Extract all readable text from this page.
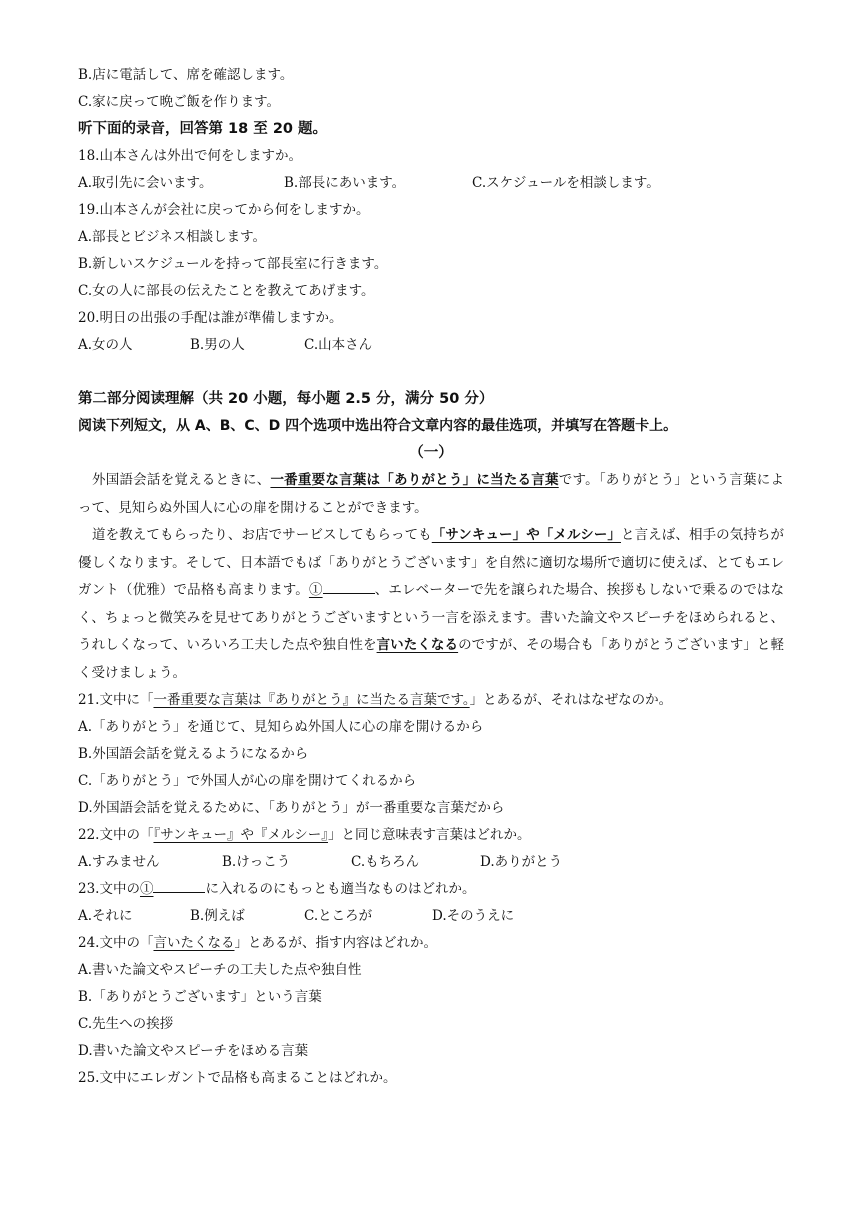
B.店に電話して、席を確認します。
C.家に戻って晩ご飯を作ります。
听下面的录音，回答第 18 至 20 题。
18.山本さんは外出で何をしますか。
A.取引先に会います。	B.部長にあいます。	C.スケジュールを相談します。
19.山本さんが会社に戻ってから何をしますか。
A.部長とビジネス相談します。
B.新しいスケジュールを持って部長室に行きます。
C.女の人に部長の伝えたことを教えてあげます。
20.明日の出張の手配は誰が準備しますか。
A.女の人	B.男の人	C.山本さん
第二部分阅读理解（共 20 小题，每小题 2.5 分，满分 50 分）
阅读下列短文，从 A、B、C、D 四个选项中选出符合文章内容的最佳选项，并填写在答题卡上。
（一）
外国語会話を覚えるときに、一番重要な言葉は「ありがとう」に当たる言葉です。「ありがとう」という言葉によって、見知らぬ外国人に心の扉を開けることができます。
道を教えてもらったり、お店でサービスしてもらっても「サンキュー」や「メルシー」と言えば、相手の気持ちが優しくなります。そして、日本語でもば「ありがとうございます」を自然に適切な場所で適切に使えば、とてもエレガント（优雅）で品格も高まります。①	、エレベーターで先を譲られた場合、挨拶もしないで乗るのではなく、ちょっと微笑みを見せてありがとうございますという一言を添えます。書いた論文やスピーチをほめられると、うれしくなって、いろいろ工夫した点や独自性を言いたくなるのですが、その場合も「ありがとうございます」と軽く受けましょう。
21.文中に「一番重要な言葉は『ありがとう』に当たる言葉です。」とあるが、それはなぜなのか。
A.「ありがとう」を通じて、見知らぬ外国人に心の扉を開けるから
B.外国語会話を覚えるようになるから
C.「ありがとう」で外国人が心の扉を開けてくれるから
D.外国語会話を覚えるために、「ありがとう」が一番重要な言葉だから
22.文中の「『サンキュー』や『メルシー』」と同じ意味表す言葉はどれか。
A.すみません	B.けっこう	C.もちろん	D.ありがとう
23.文中の①	に入れるのにもっとも適当なものはどれか。
A.それに	B.例えば	C.ところが	D.そのうえに
24.文中の「言いたくなる」とあるが、指す内容はどれか。
A.書いた論文やスピーチの工夫した点や独自性
B.「ありがとうございます」という言葉
C.先生への挨拶
D.書いた論文やスピーチをほめる言葉
25.文中にエレガントで品格も高まることはどれか。
